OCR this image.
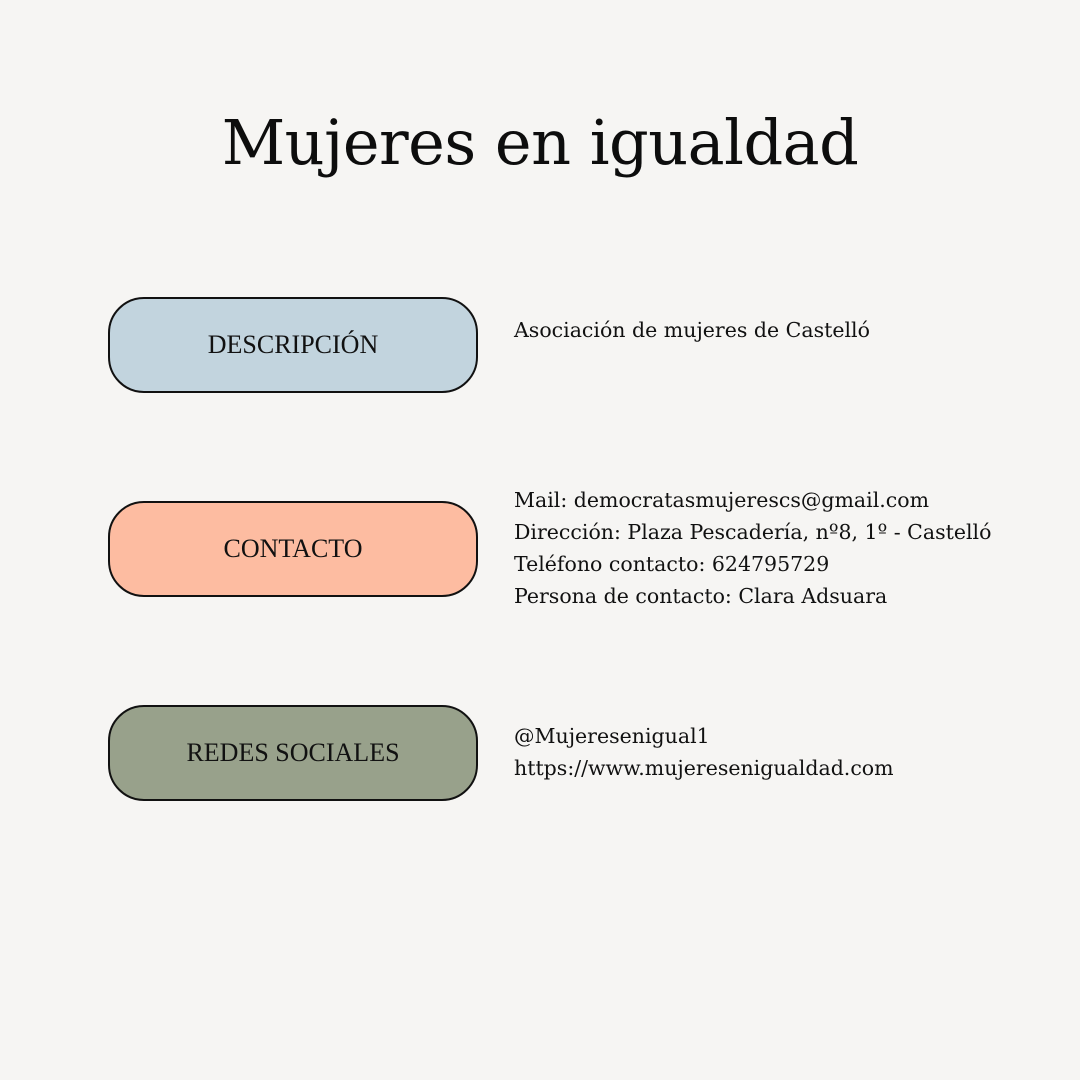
Mujeres en igualdad
DESCRIPCIÓN	Asociación de mujeres de Castelló
CONTACTO
Mail: democratasmujerescs@gmail.com
Dirección: Plaza Pescadería, nº8, 1º - Castelló
Teléfono contacto: 624795729
Persona de contacto: Clara Adsuara
REDES SOCIALES
@Mujeresenigual1
https://www.mujeresenigualdad.com
